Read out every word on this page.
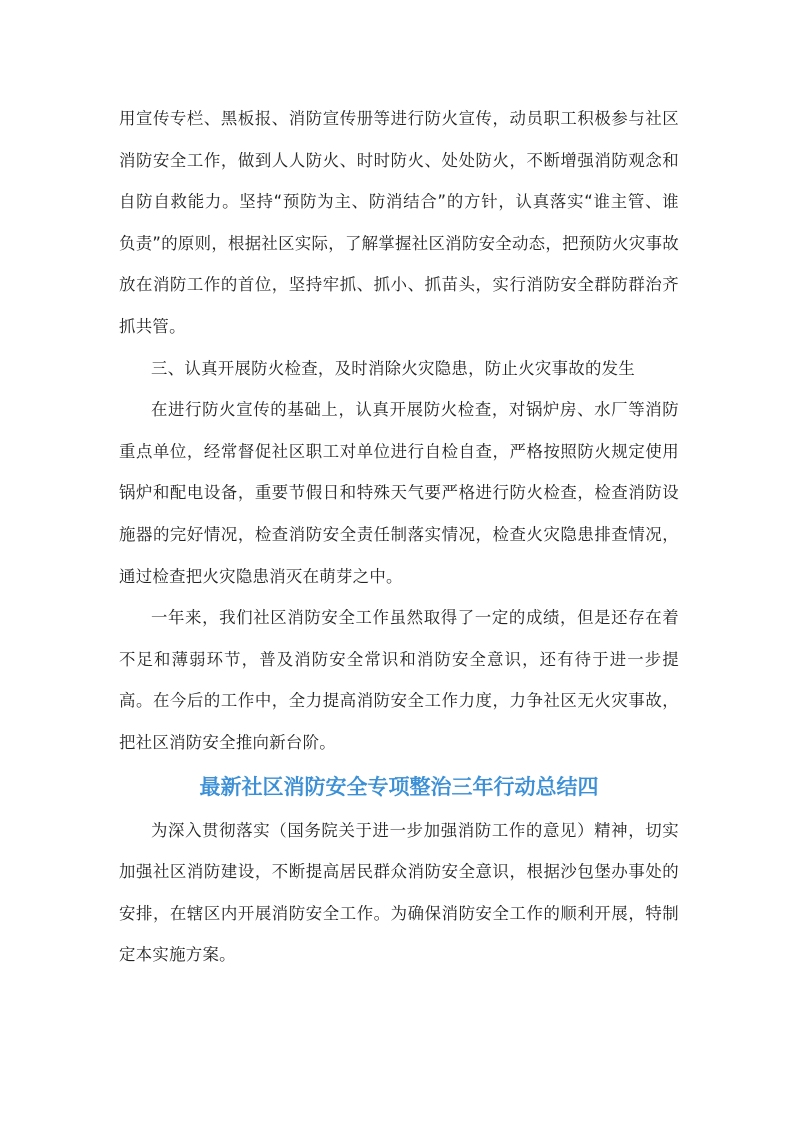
用宣传专栏、黑板报、消防宣传册等进行防火宣传，动员职工积极参与社区消防安全工作，做到人人防火、时时防火、处处防火，不断增强消防观念和自防自救能力。坚持“预防为主、防消结合”的方针，认真落实“谁主管、谁负责”的原则，根据社区实际，了解掌握社区消防安全动态，把预防火灾事故放在消防工作的首位，坚持牢抓、抓小、抓苗头，实行消防安全群防群治齐抓共管。

三、认真开展防火检查，及时消除火灾隐患，防止火灾事故的发生

在进行防火宣传的基础上，认真开展防火检查，对锅炉房、水厂等消防重点单位，经常督促社区职工对单位进行自检自查，严格按照防火规定使用锅炉和配电设备，重要节假日和特殊天气要严格进行防火检查，检查消防设施器的完好情况，检查消防安全责任制落实情况，检查火灾隐患排查情况，通过检查把火灾隐患消灭在萌芽之中。

一年来，我们社区消防安全工作虽然取得了一定的成绩，但是还存在着不足和薄弱环节，普及消防安全常识和消防安全意识，还有待于进一步提高。在今后的工作中，全力提高消防安全工作力度，力争社区无火灾事故，把社区消防安全推向新台阶。

最新社区消防安全专项整治三年行动总结四

为深入贯彻落实（国务院关于进一步加强消防工作的意见）精神，切实加强社区消防建设，不断提高居民群众消防安全意识，根据沙包堡办事处的安排，在辖区内开展消防安全工作。为确保消防安全工作的顺利开展，特制定本实施方案。
